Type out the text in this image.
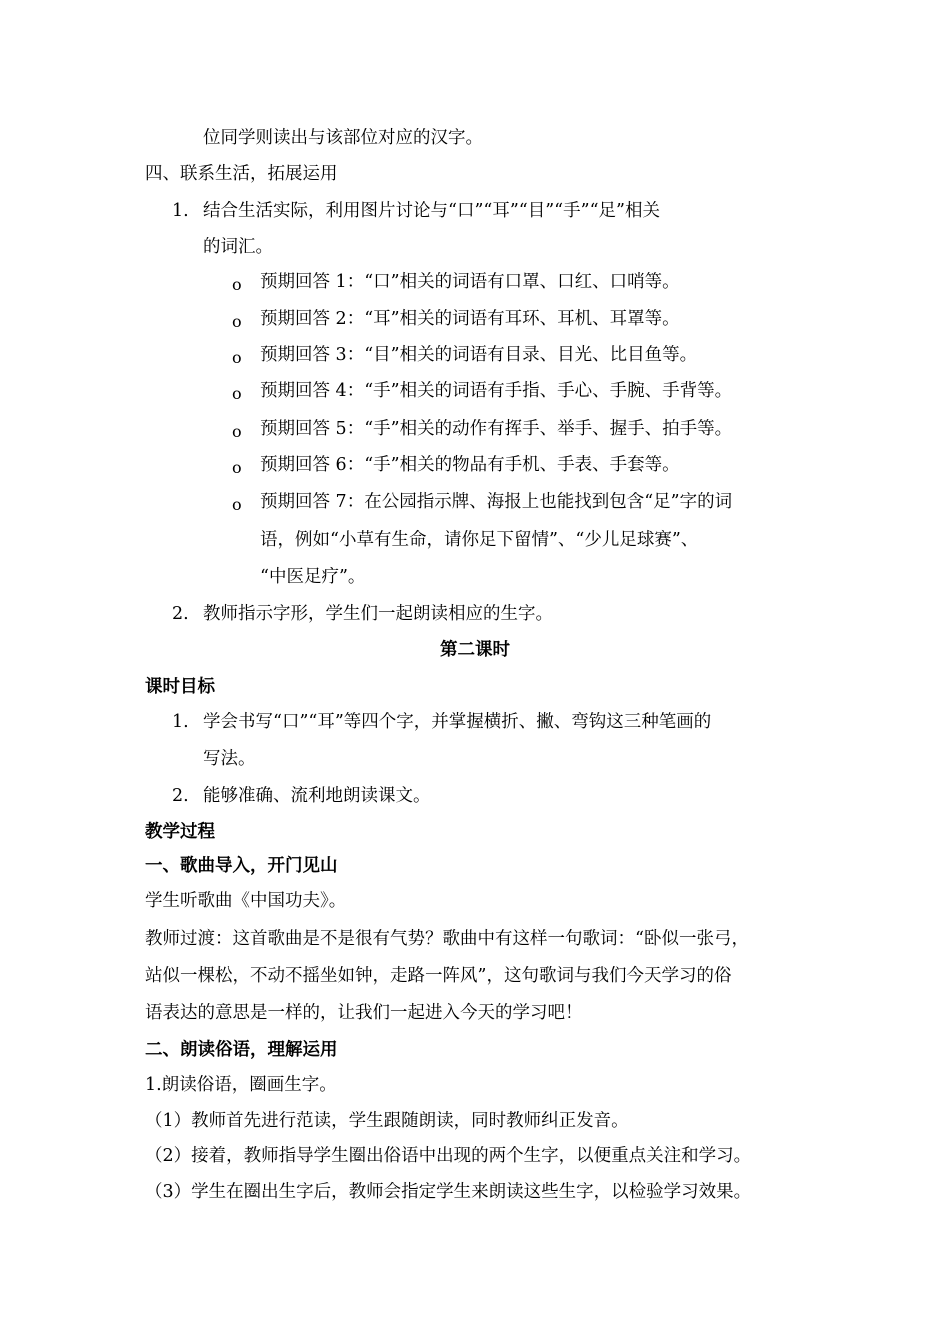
位同学则读出与该部位对应的汉字。
四、联系生活，拓展运用
1. 结合生活实际，利用图片讨论与“口”“耳”“目”“手”“足”相关
的词汇。
o 预期回答 1：“口”相关的词语有口罩、口红、口哨等。
o 预期回答 2：“耳”相关的词语有耳环、耳机、耳罩等。
o 预期回答 3：“目”相关的词语有目录、目光、比目鱼等。
o 预期回答 4：“手”相关的词语有手指、手心、手腕、手背等。
o 预期回答 5：“手”相关的动作有挥手、举手、握手、拍手等。
o 预期回答 6：“手”相关的物品有手机、手表、手套等。
o 预期回答 7：在公园指示牌、海报上也能找到包含“足”字的词
语，例如“小草有生命，请你足下留情”、“少儿足球赛”、
“中医足疗”。
2. 教师指示字形，学生们一起朗读相应的生字。
第二课时
课时目标
1. 学会书写“口”“耳”等四个字，并掌握横折、撇、弯钩这三种笔画的
写法。
2. 能够准确、流利地朗读课文。
教学过程
一、歌曲导入，开门见山
学生听歌曲《中国功夫》。
教师过渡：这首歌曲是不是很有气势？歌曲中有这样一句歌词：“卧似一张弓，
站似一棵松，不动不摇坐如钟，走路一阵风”，这句歌词与我们今天学习的俗
语表达的意思是一样的，让我们一起进入今天的学习吧！
二、朗读俗语，理解运用
1.朗读俗语，圈画生字。
（1）教师首先进行范读，学生跟随朗读，同时教师纠正发音。
（2）接着，教师指导学生圈出俗语中出现的两个生字，以便重点关注和学习。
（3）学生在圈出生字后，教师会指定学生来朗读这些生字，以检验学习效果。
